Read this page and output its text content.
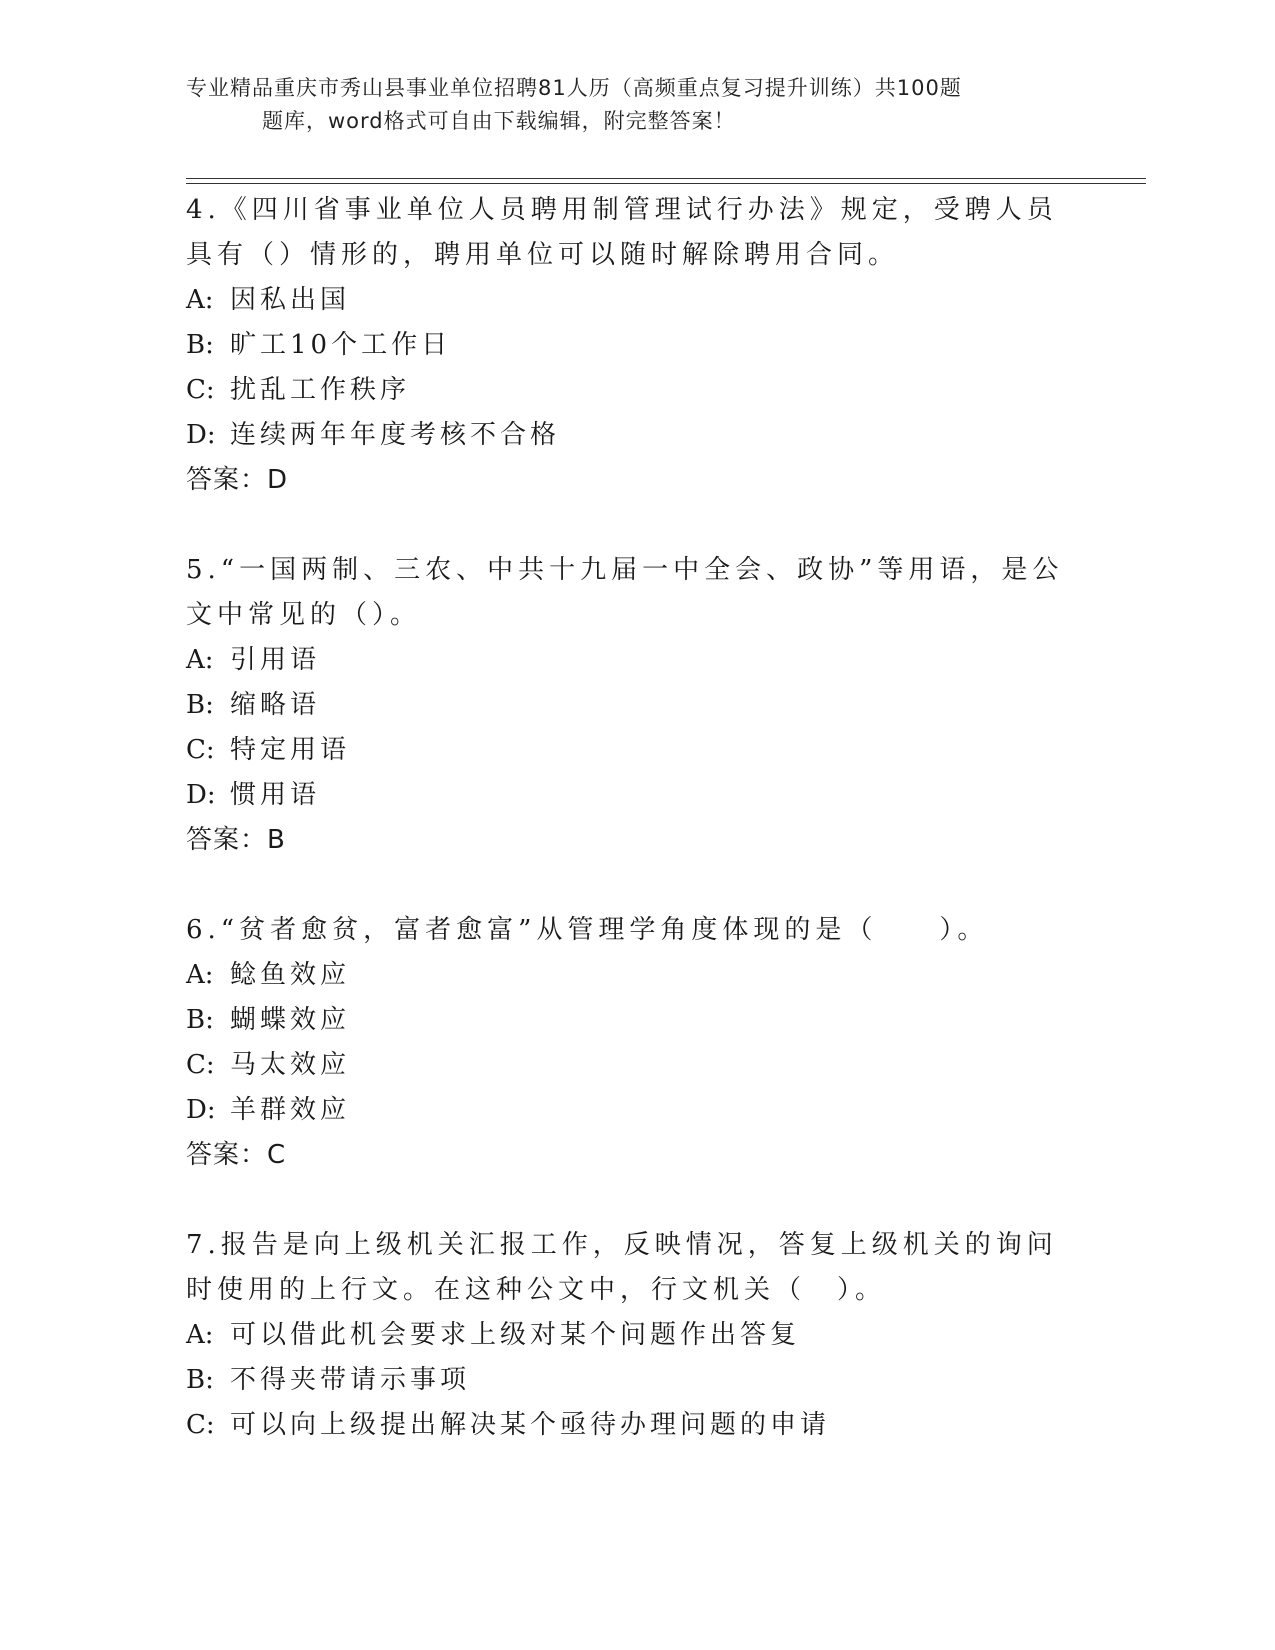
专业精品重庆市秀山县事业单位招聘81人历（高频重点复习提升训练）共100题
题库，word格式可自由下载编辑，附完整答案！

4.《四川省事业单位人员聘用制管理试行办法》规定，受聘人员具有（）情形的，聘用单位可以随时解除聘用合同。

A: 因私出国
B: 旷工10个工作日
C: 扰乱工作秩序
D: 连续两年年度考核不合格
答案：D

5.“一国两制、三农、中共十九届一中全会、政协”等用语，是公文中常见的（）。

A: 引用语
B: 缩略语
C: 特定用语
D: 惯用语
答案：B

6.“贫者愈贫，富者愈富”从管理学角度体现的是（　　）。

A: 鲶鱼效应
B: 蝴蝶效应
C: 马太效应
D: 羊群效应
答案：C

7.报告是向上级机关汇报工作，反映情况，答复上级机关的询问时使用的上行文。在这种公文中，行文机关（　）。

A: 可以借此机会要求上级对某个问题作出答复
B: 不得夹带请示事项
C: 可以向上级提出解决某个亟待办理问题的申请
